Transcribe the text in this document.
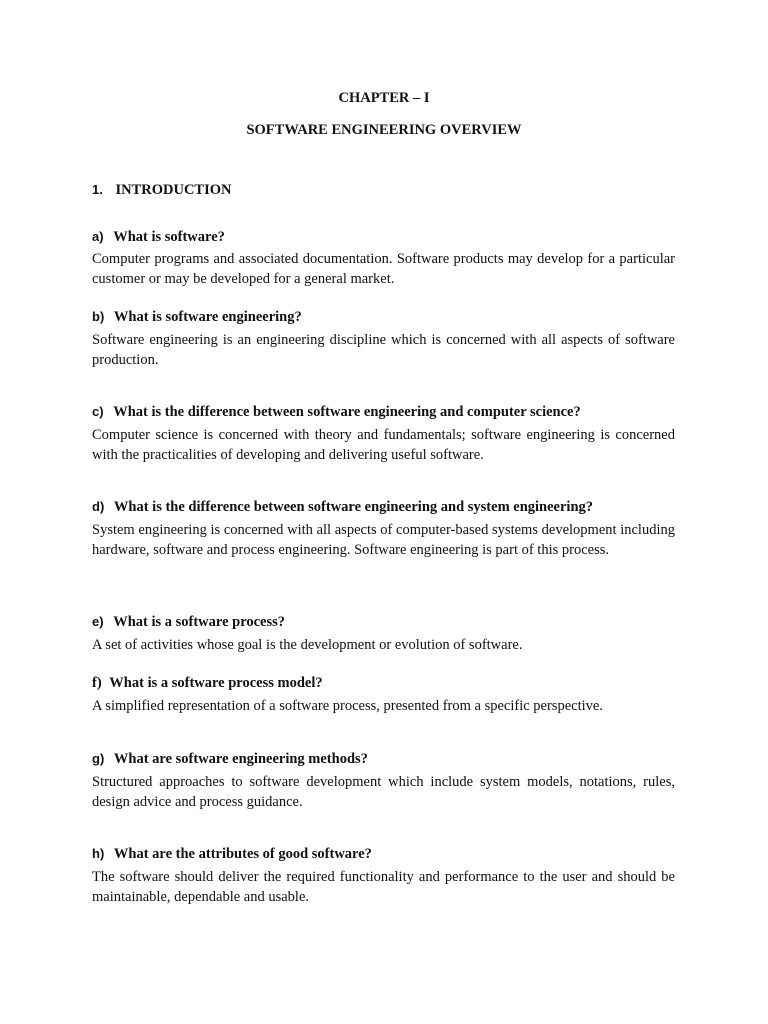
CHAPTER – I
SOFTWARE ENGINEERING OVERVIEW
1. INTRODUCTION
a) What is software?

Computer programs and associated documentation. Software products may develop for a particular customer or may be developed for a general market.

b) What is software engineering?

Software engineering is an engineering discipline which is concerned with all aspects of software production.

c) What is the difference between software engineering and computer science?

Computer science is concerned with theory and fundamentals; software engineering is concerned with the practicalities of developing and delivering useful software.

d) What is the difference between software engineering and system engineering?

System engineering is concerned with all aspects of computer-based systems development including hardware, software and process engineering. Software engineering is part of this process.

e) What is a software process?

A set of activities whose goal is the development or evolution of software.

f) What is a software process model?

A simplified representation of a software process, presented from a specific perspective.

g) What are software engineering methods?

Structured approaches to software development which include system models, notations, rules, design advice and process guidance.

h) What are the attributes of good software?

The software should deliver the required functionality and performance to the user and should be maintainable, dependable and usable.
